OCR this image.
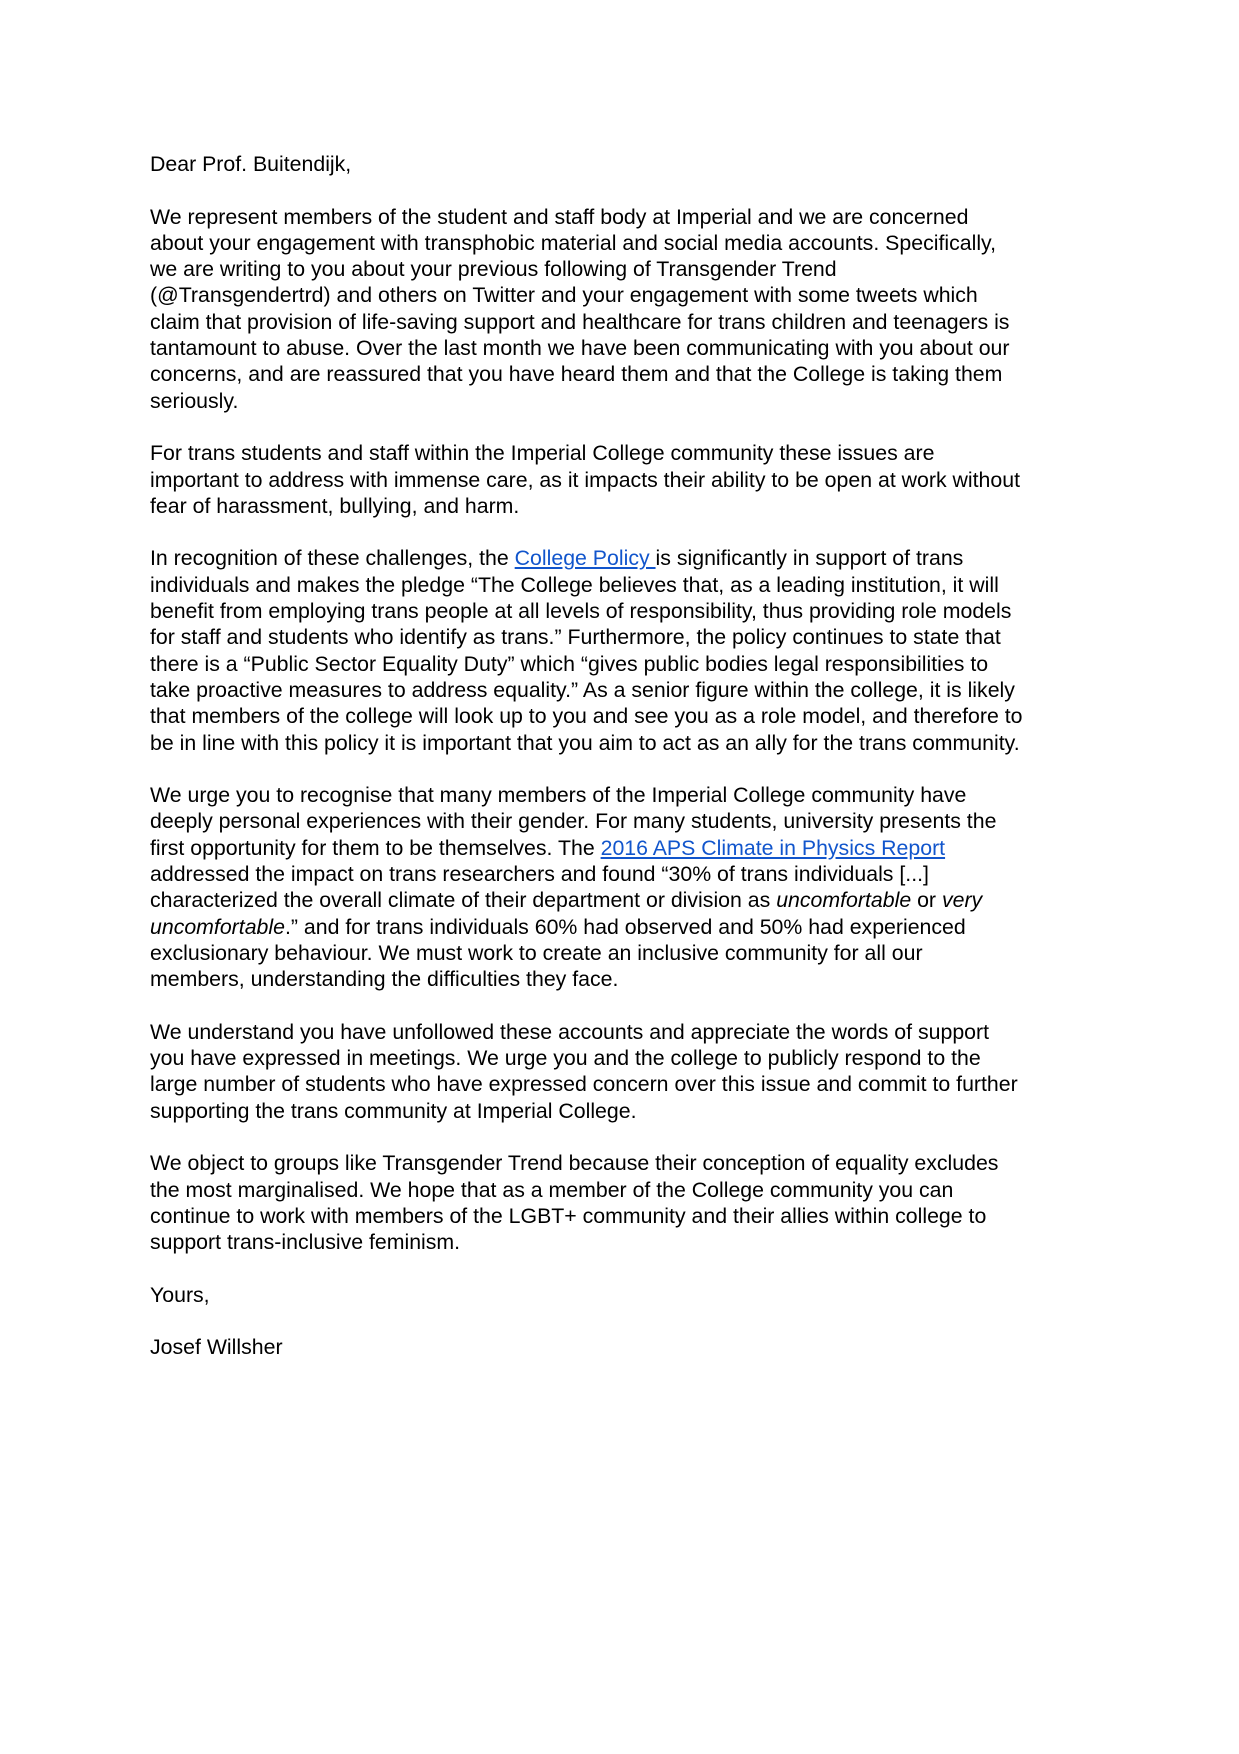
Dear Prof. Buitendijk,

We represent members of the student and staff body at Imperial and we are concerned
about your engagement with transphobic material and social media accounts. Specifically,
we are writing to you about your previous following of Transgender Trend
(@Transgendertrd) and others on Twitter and your engagement with some tweets which
claim that provision of life-saving support and healthcare for trans children and teenagers is
tantamount to abuse. Over the last month we have been communicating with you about our
concerns, and are reassured that you have heard them and that the College is taking them
seriously.

For trans students and staff within the Imperial College community these issues are
important to address with immense care, as it impacts their ability to be open at work without
fear of harassment, bullying, and harm.

In recognition of these challenges, the College Policy is significantly in support of trans
individuals and makes the pledge “The College believes that, as a leading institution, it will
benefit from employing trans people at all levels of responsibility, thus providing role models
for staff and students who identify as trans.” Furthermore, the policy continues to state that
there is a “Public Sector Equality Duty” which “gives public bodies legal responsibilities to
take proactive measures to address equality.” As a senior figure within the college, it is likely
that members of the college will look up to you and see you as a role model, and therefore to
be in line with this policy it is important that you aim to act as an ally for the trans community.

We urge you to recognise that many members of the Imperial College community have
deeply personal experiences with their gender. For many students, university presents the
first opportunity for them to be themselves. The 2016 APS Climate in Physics Report
addressed the impact on trans researchers and found “30% of trans individuals [...]
characterized the overall climate of their department or division as uncomfortable or very
uncomfortable.” and for trans individuals 60% had observed and 50% had experienced
exclusionary behaviour. We must work to create an inclusive community for all our
members, understanding the difficulties they face.

We understand you have unfollowed these accounts and appreciate the words of support
you have expressed in meetings. We urge you and the college to publicly respond to the
large number of students who have expressed concern over this issue and commit to further
supporting the trans community at Imperial College.

We object to groups like Transgender Trend because their conception of equality excludes
the most marginalised. We hope that as a member of the College community you can
continue to work with members of the LGBT+ community and their allies within college to
support trans-inclusive feminism.

Yours,

Josef Willsher
